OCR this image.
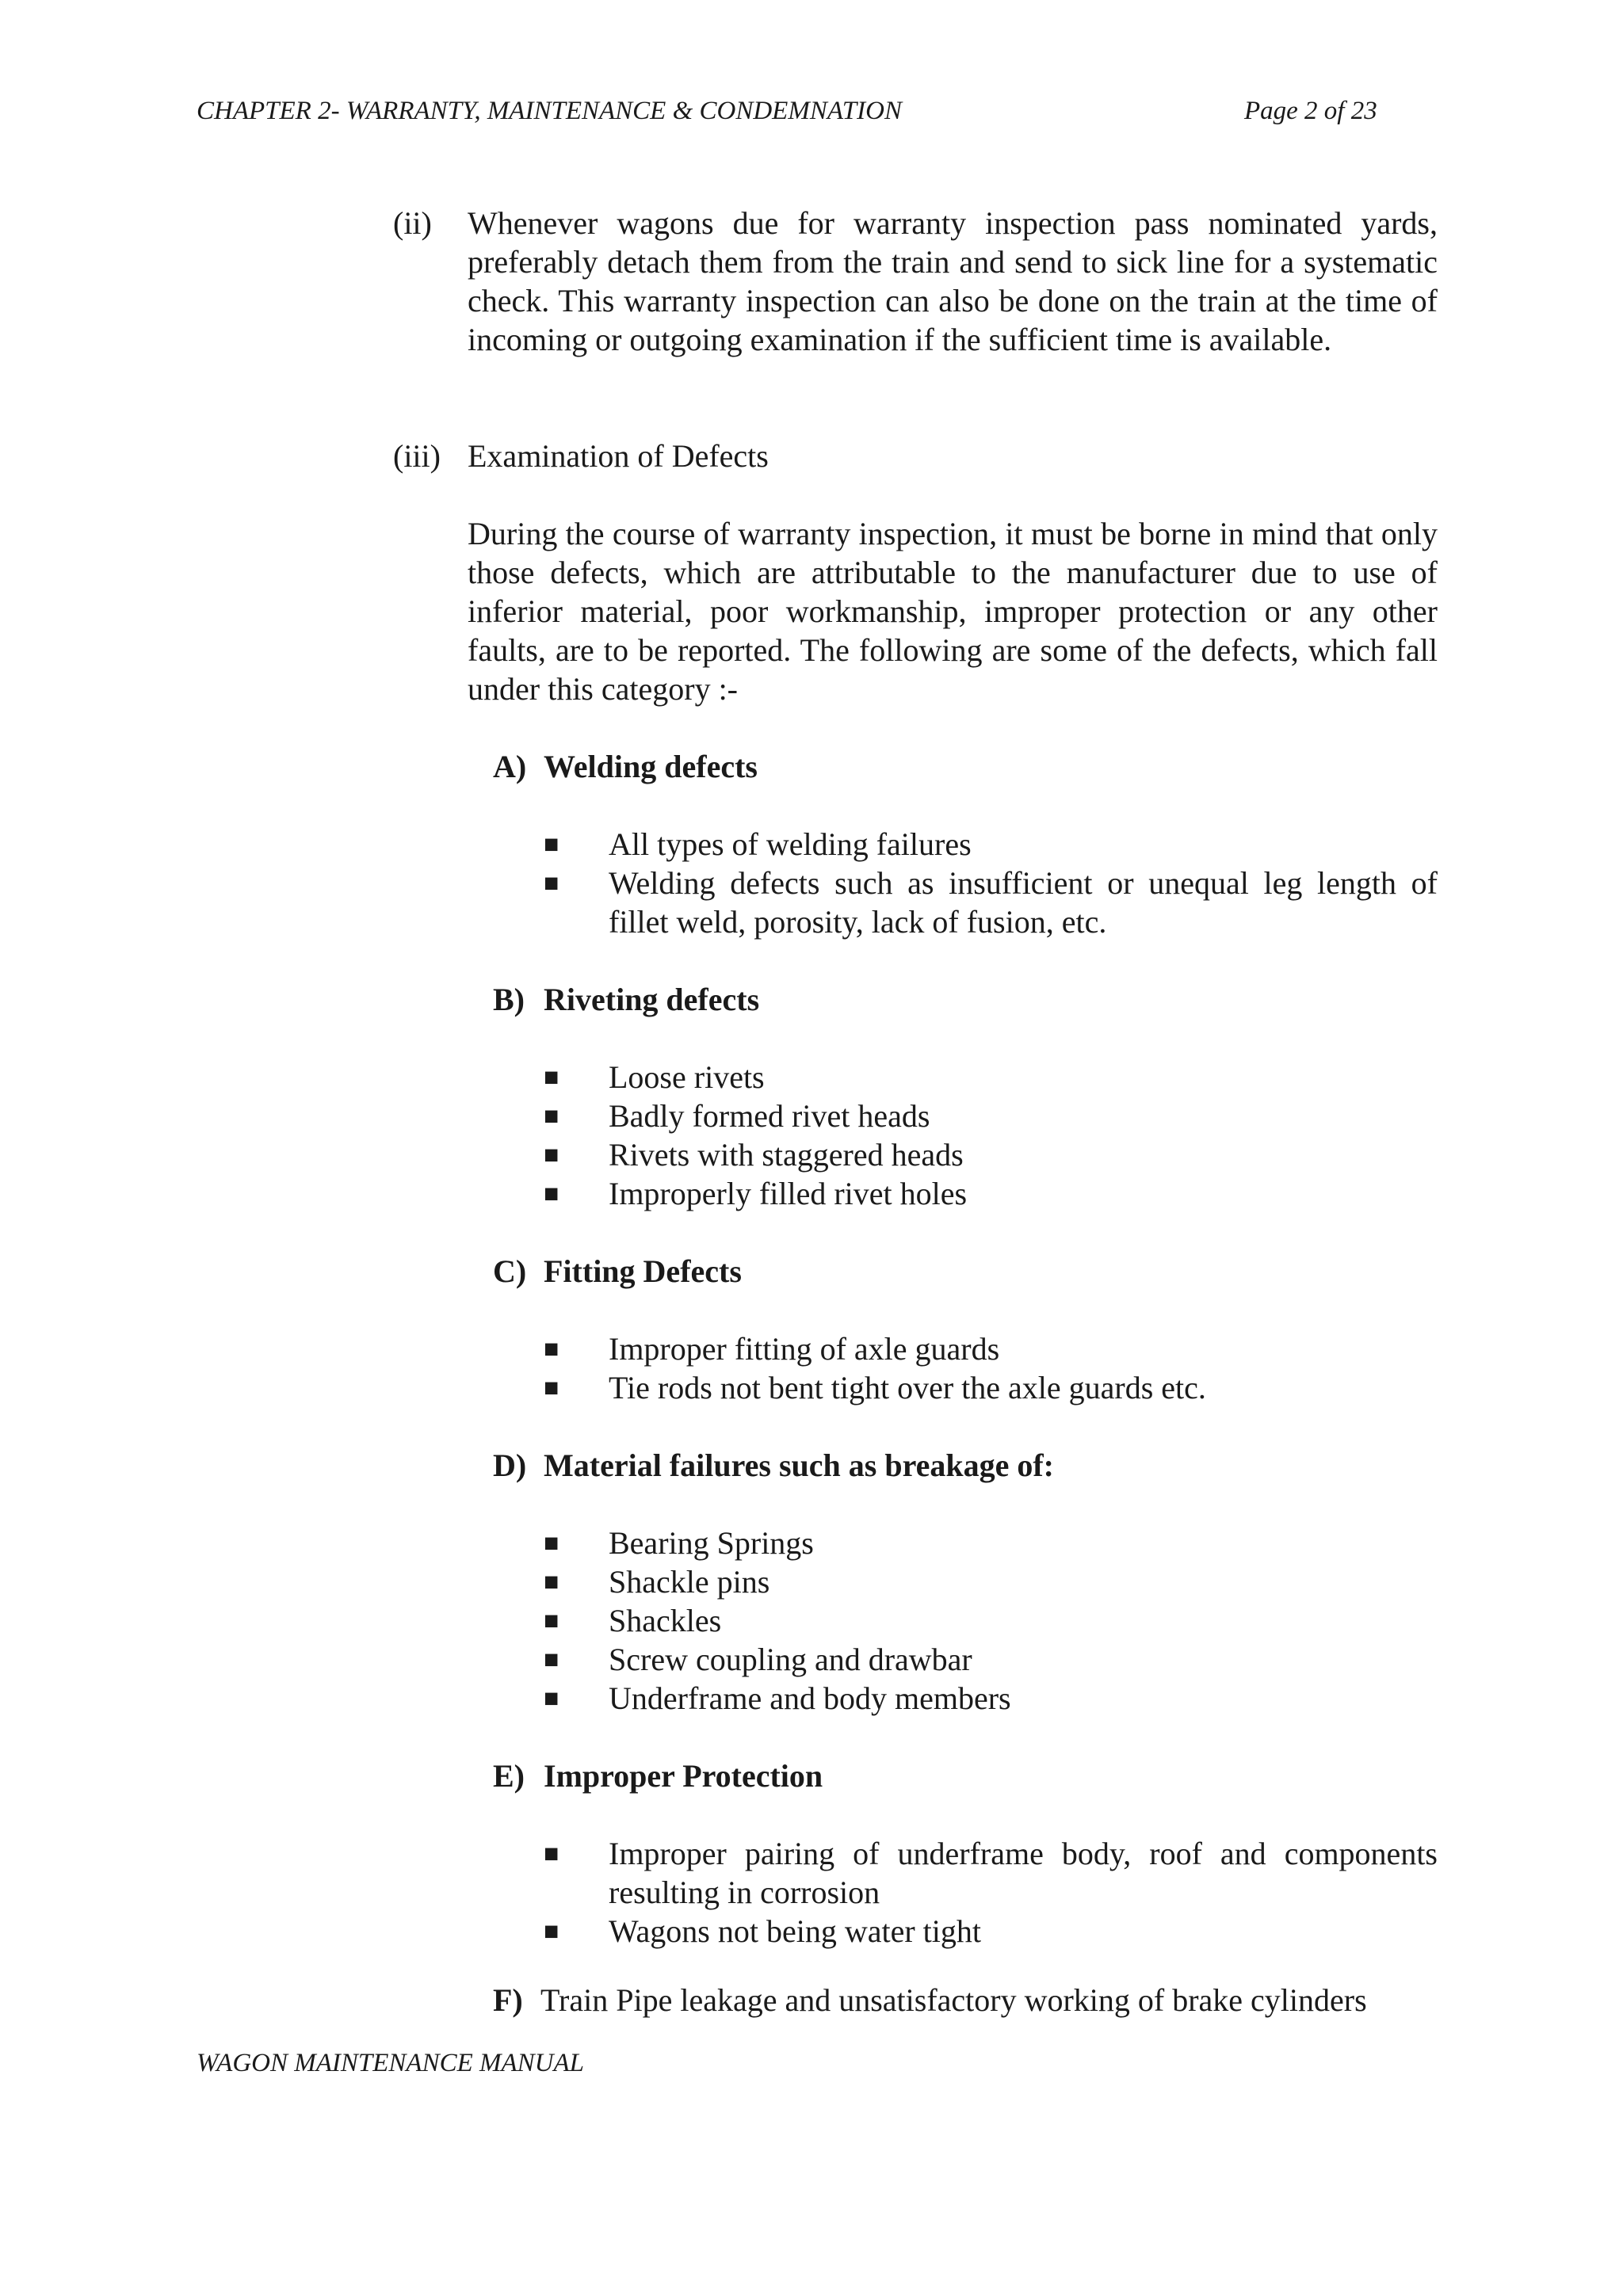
CHAPTER 2- WARRANTY, MAINTENANCE & CONDEMNATION	Page 2 of 23
(ii) Whenever wagons due for warranty inspection pass nominated yards, preferably detach them from the train and send to sick line for a systematic check. This warranty inspection can also be done on the train at the time of incoming or outgoing examination if the sufficient time is available.
(iii) Examination of Defects
During the course of warranty inspection, it must be borne in mind that only those defects, which are attributable to the manufacturer due to use of inferior material, poor workmanship, improper protection or any other faults, are to be reported. The following are some of the defects, which fall under this category :-
A) Welding defects
■ All types of welding failures
■ Welding defects such as insufficient or unequal leg length of fillet weld, porosity, lack of fusion, etc.
B) Riveting defects
■ Loose rivets
■ Badly formed rivet heads
■ Rivets with staggered heads
■ Improperly filled rivet holes
C) Fitting Defects
■ Improper fitting of axle guards
■ Tie rods not bent tight over the axle guards etc.
D) Material failures such as breakage of:
■ Bearing Springs
■ Shackle pins
■ Shackles
■ Screw coupling and drawbar
■ Underframe and body members
E) Improper Protection
■ Improper pairing of underframe body, roof and components resulting in corrosion
■ Wagons not being water tight
F) Train Pipe leakage and unsatisfactory working of brake cylinders
WAGON MAINTENANCE MANUAL
